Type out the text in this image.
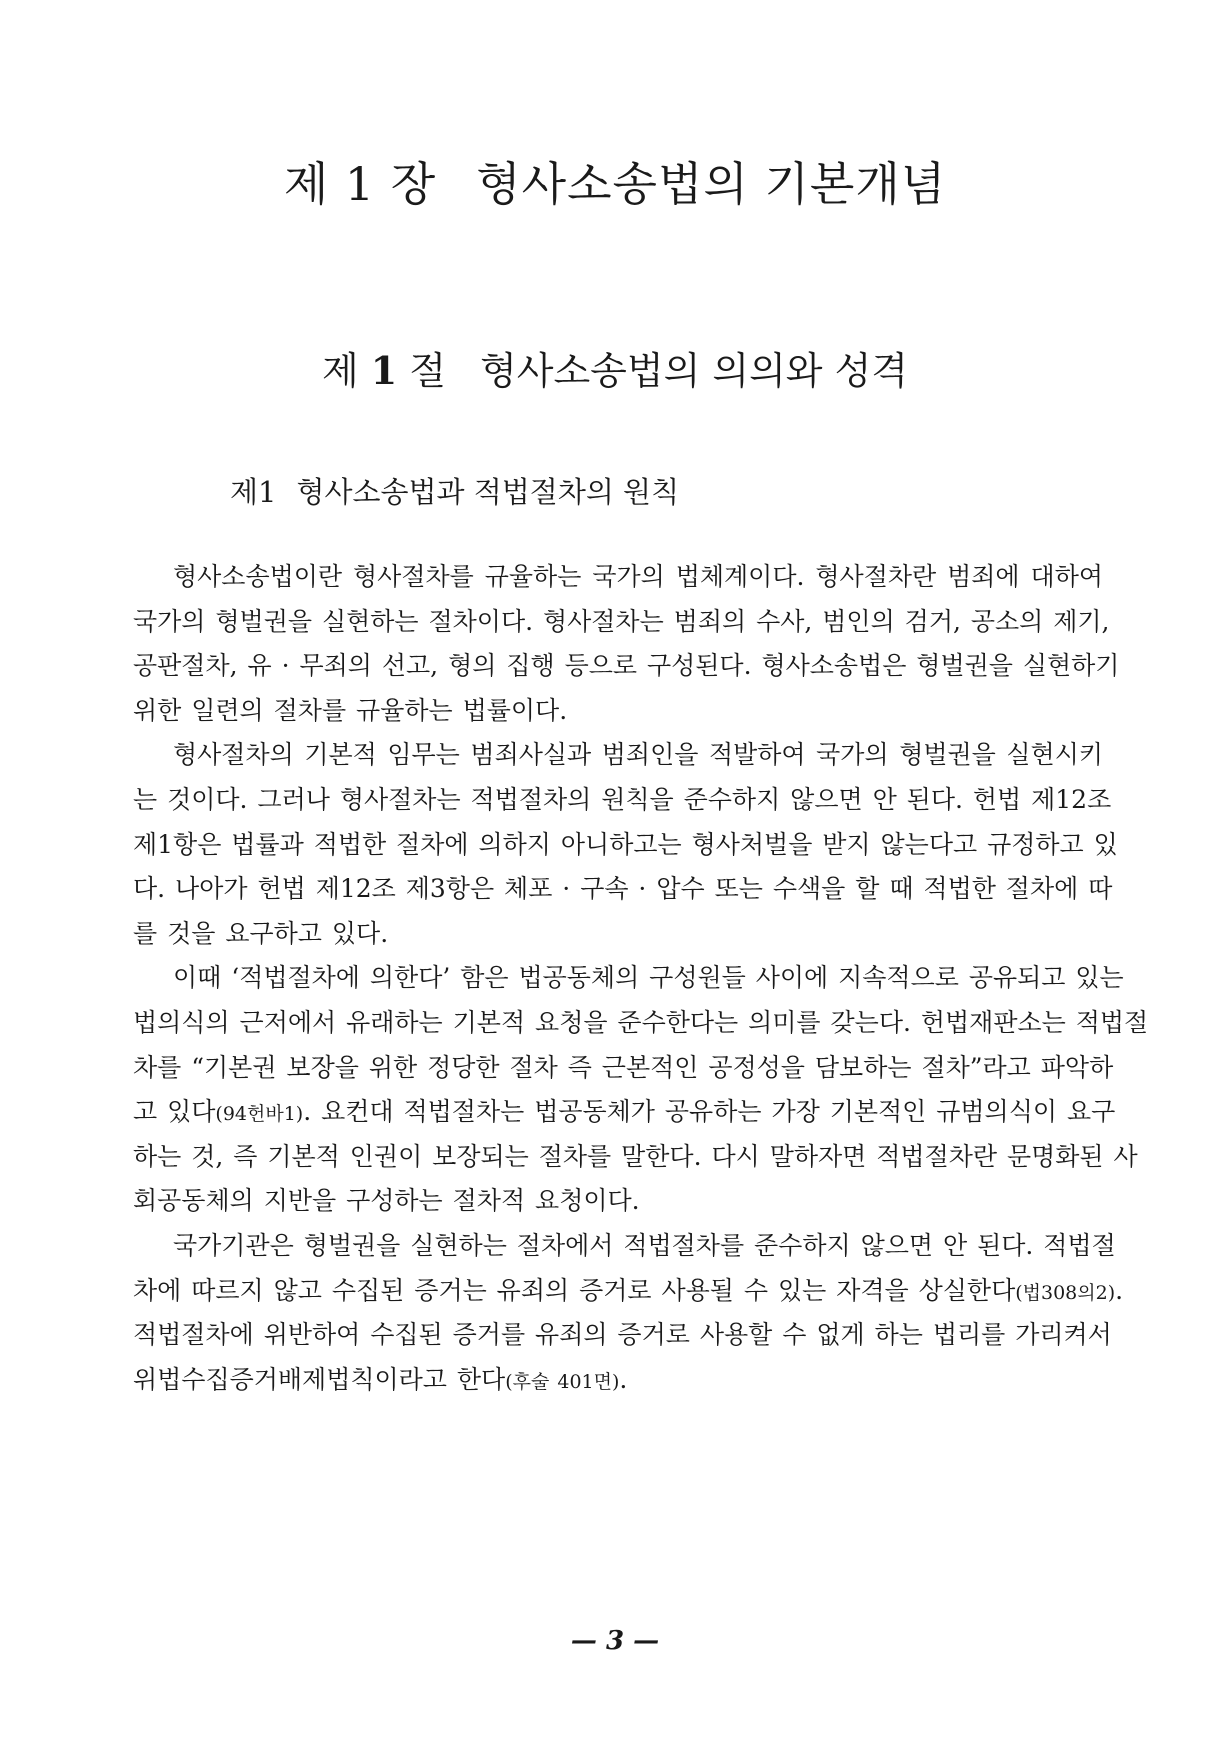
제 1 장 형사소송법의 기본개념
제 1 절 형사소송법의 의의와 성격
제1 형사소송법과 적법절차의 원칙
형사소송법이란 형사절차를 규율하는 국가의 법체계이다. 형사절차란 범죄에 대하여
국가의 형벌권을 실현하는 절차이다. 형사절차는 범죄의 수사, 범인의 검거, 공소의 제기,
공판절차, 유 · 무죄의 선고, 형의 집행 등으로 구성된다. 형사소송법은 형벌권을 실현하기
위한 일련의 절차를 규율하는 법률이다.
형사절차의 기본적 임무는 범죄사실과 범죄인을 적발하여 국가의 형벌권을 실현시키
는 것이다. 그러나 형사절차는 적법절차의 원칙을 준수하지 않으면 안 된다. 헌법 제12조
제1항은 법률과 적법한 절차에 의하지 아니하고는 형사처벌을 받지 않는다고 규정하고 있
다. 나아가 헌법 제12조 제3항은 체포 · 구속 · 압수 또는 수색을 할 때 적법한 절차에 따
를 것을 요구하고 있다.
이때 ‘적법절차에 의한다’ 함은 법공동체의 구성원들 사이에 지속적으로 공유되고 있는
법의식의 근저에서 유래하는 기본적 요청을 준수한다는 의미를 갖는다. 헌법재판소는 적법절
차를 “기본권 보장을 위한 정당한 절차 즉 근본적인 공정성을 담보하는 절차”라고 파악하
고 있다(94헌바1). 요컨대 적법절차는 법공동체가 공유하는 가장 기본적인 규범의식이 요구
하는 것, 즉 기본적 인권이 보장되는 절차를 말한다. 다시 말하자면 적법절차란 문명화된 사
회공동체의 지반을 구성하는 절차적 요청이다.
국가기관은 형벌권을 실현하는 절차에서 적법절차를 준수하지 않으면 안 된다. 적법절
차에 따르지 않고 수집된 증거는 유죄의 증거로 사용될 수 있는 자격을 상실한다(법308의2).
적법절차에 위반하여 수집된 증거를 유죄의 증거로 사용할 수 없게 하는 법리를 가리켜서
위법수집증거배제법칙이라고 한다(후술 401면).
— 3 —
